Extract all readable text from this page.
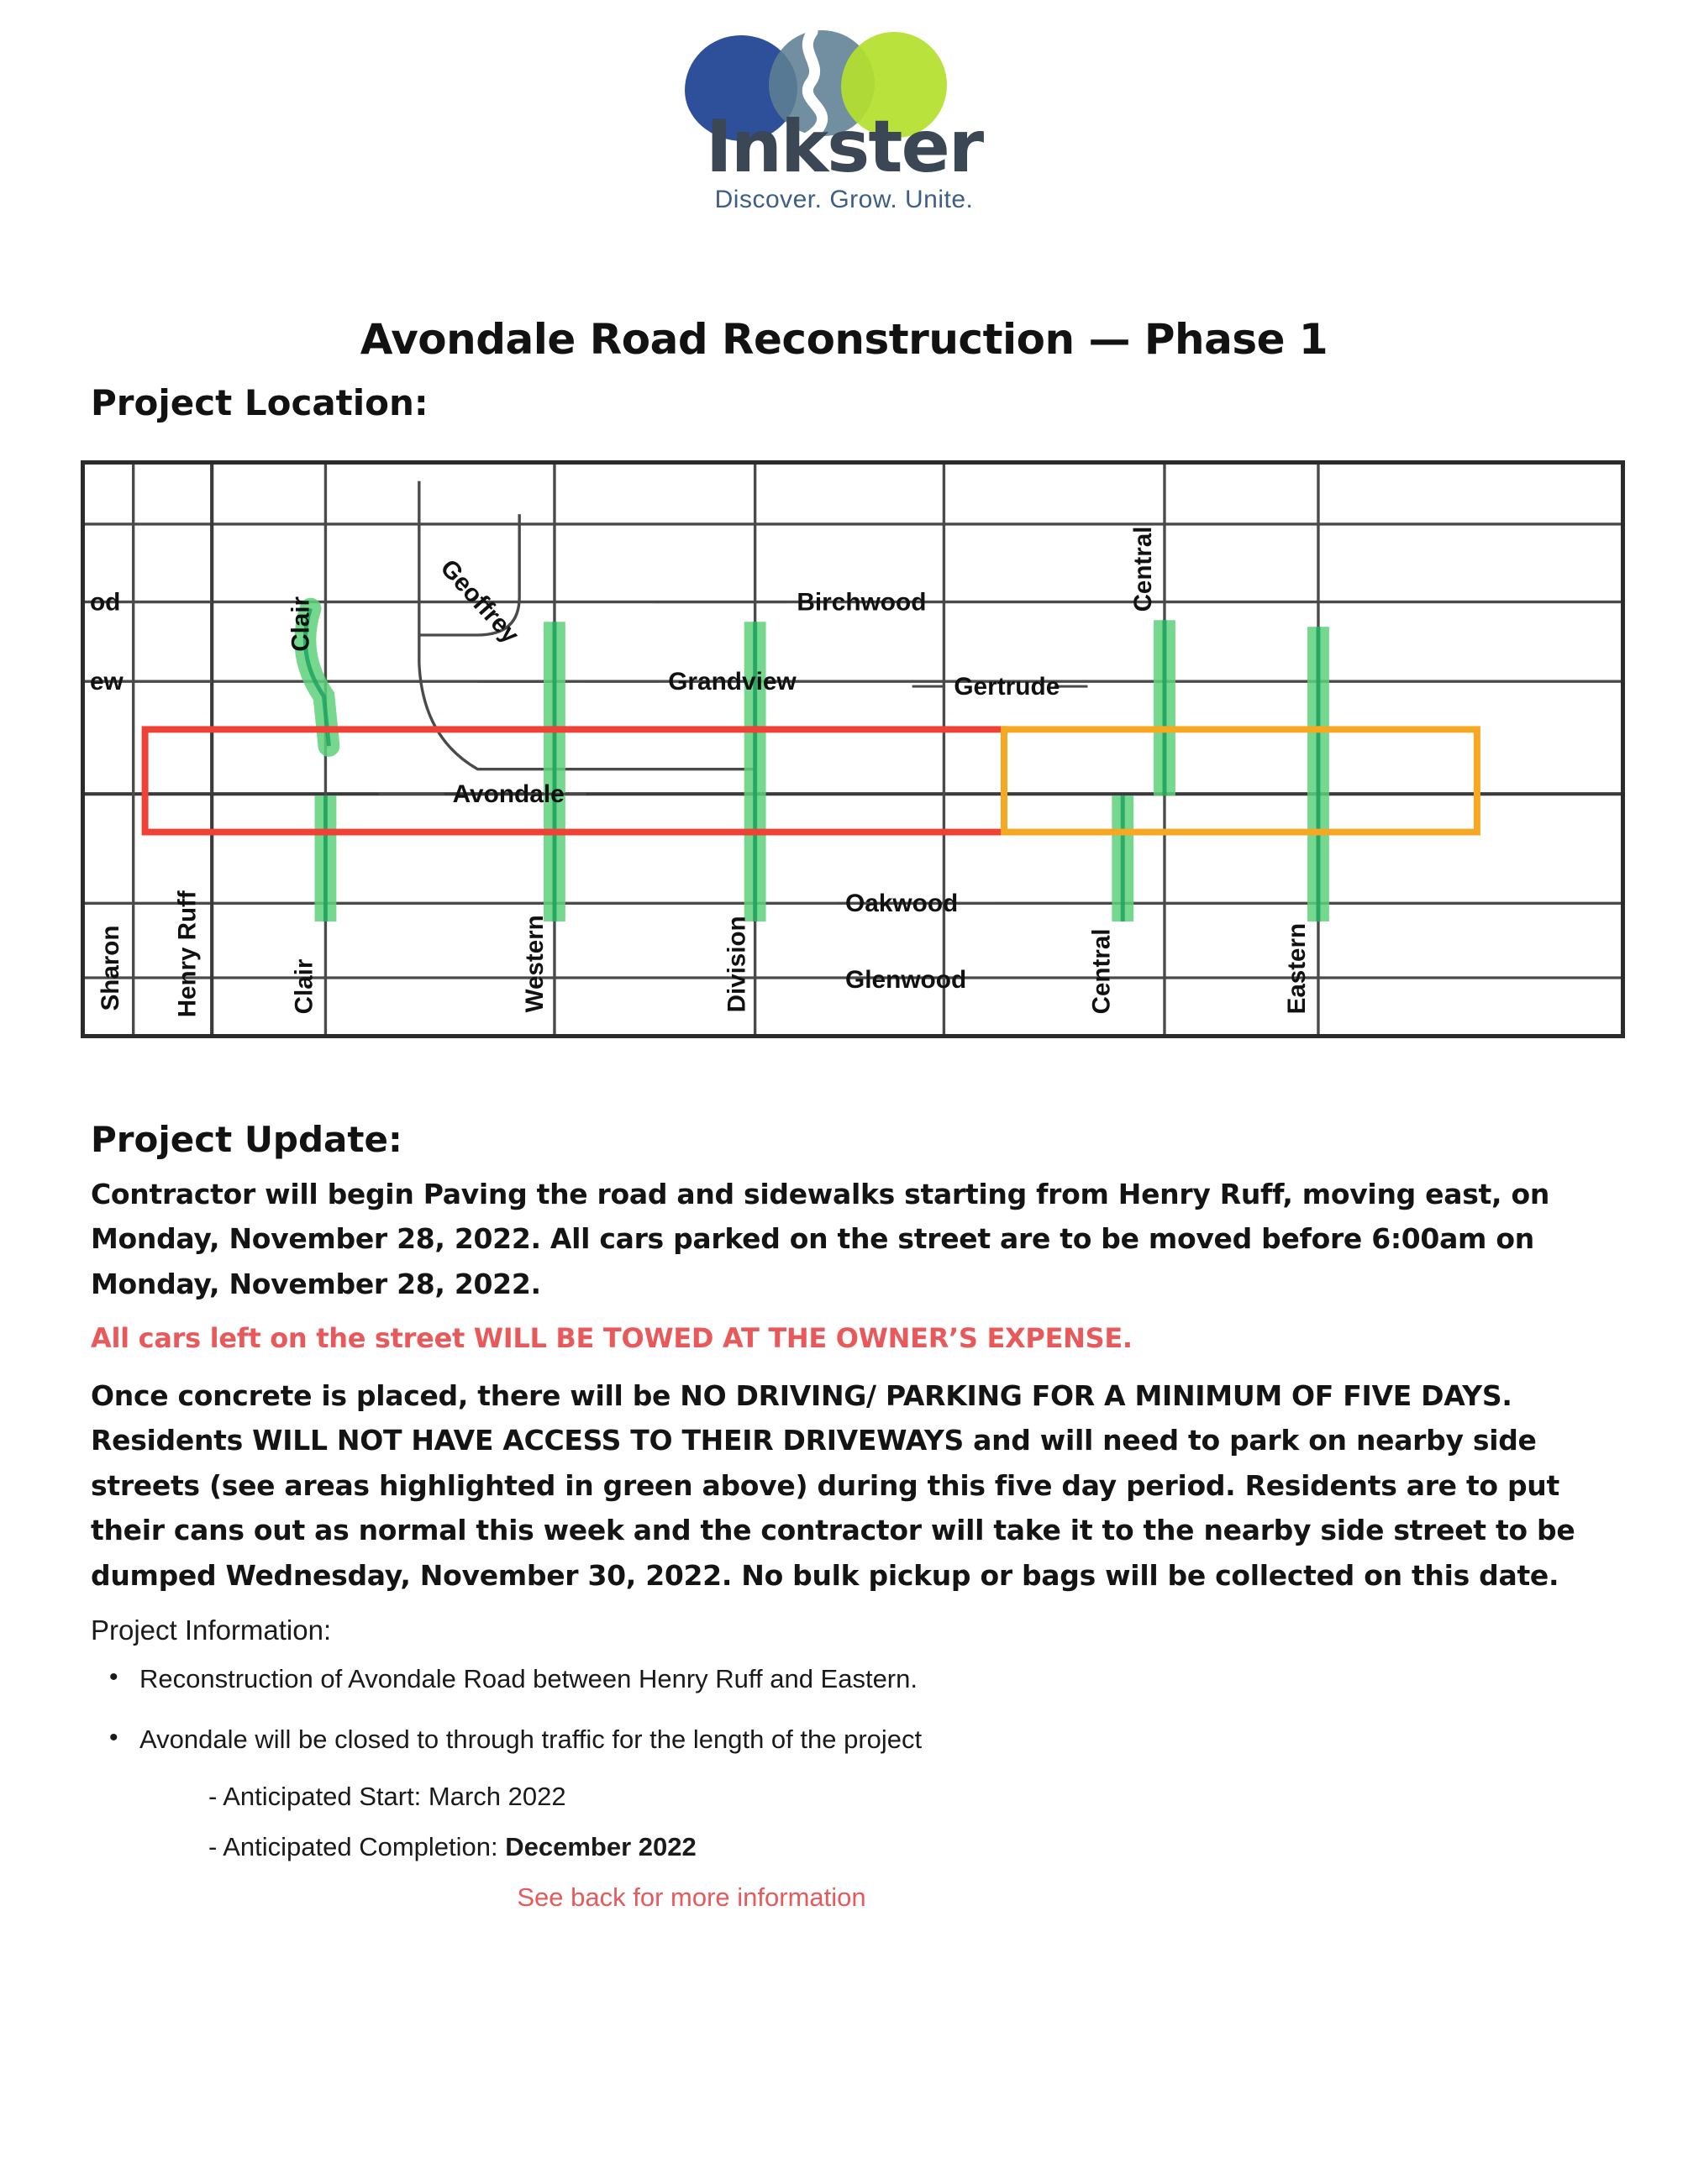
Inkster
Discover. Grow. Unite.
Avondale Road Reconstruction — Phase 1
Project Location:
od
ew
Sharon Henry Ruff
Clair
Clair
Geoffrey	Birchwood
Grandview
Avondale
Western	Division
Gertrude
Oakwood
Glenwood
Central
Central	Eastern
Project Update:

Contractor will begin Paving the road and sidewalks starting from Henry Ruff, moving east, on Monday, November 28, 2022. All cars parked on the street are to be moved before 6:00am on Monday, November 28, 2022.

All cars left on the street WILL BE TOWED AT THE OWNER’S EXPENSE.

Once concrete is placed, there will be NO DRIVING/ PARKING FOR A MINIMUM OF FIVE DAYS. Residents WILL NOT HAVE ACCESS TO THEIR DRIVEWAYS and will need to park on nearby side streets (see areas highlighted in green above) during this five day period. Residents are to put their cans out as normal this week and the contractor will take it to the nearby side street to be dumped Wednesday, November 30, 2022. No bulk pickup or bags will be collected on this date.

Project Information:

• Reconstruction of Avondale Road between Henry Ruff and Eastern.
• Avondale will be closed to through traffic for the length of the project
- Anticipated Start: March 2022
- Anticipated Completion: December 2022
See back for more information
